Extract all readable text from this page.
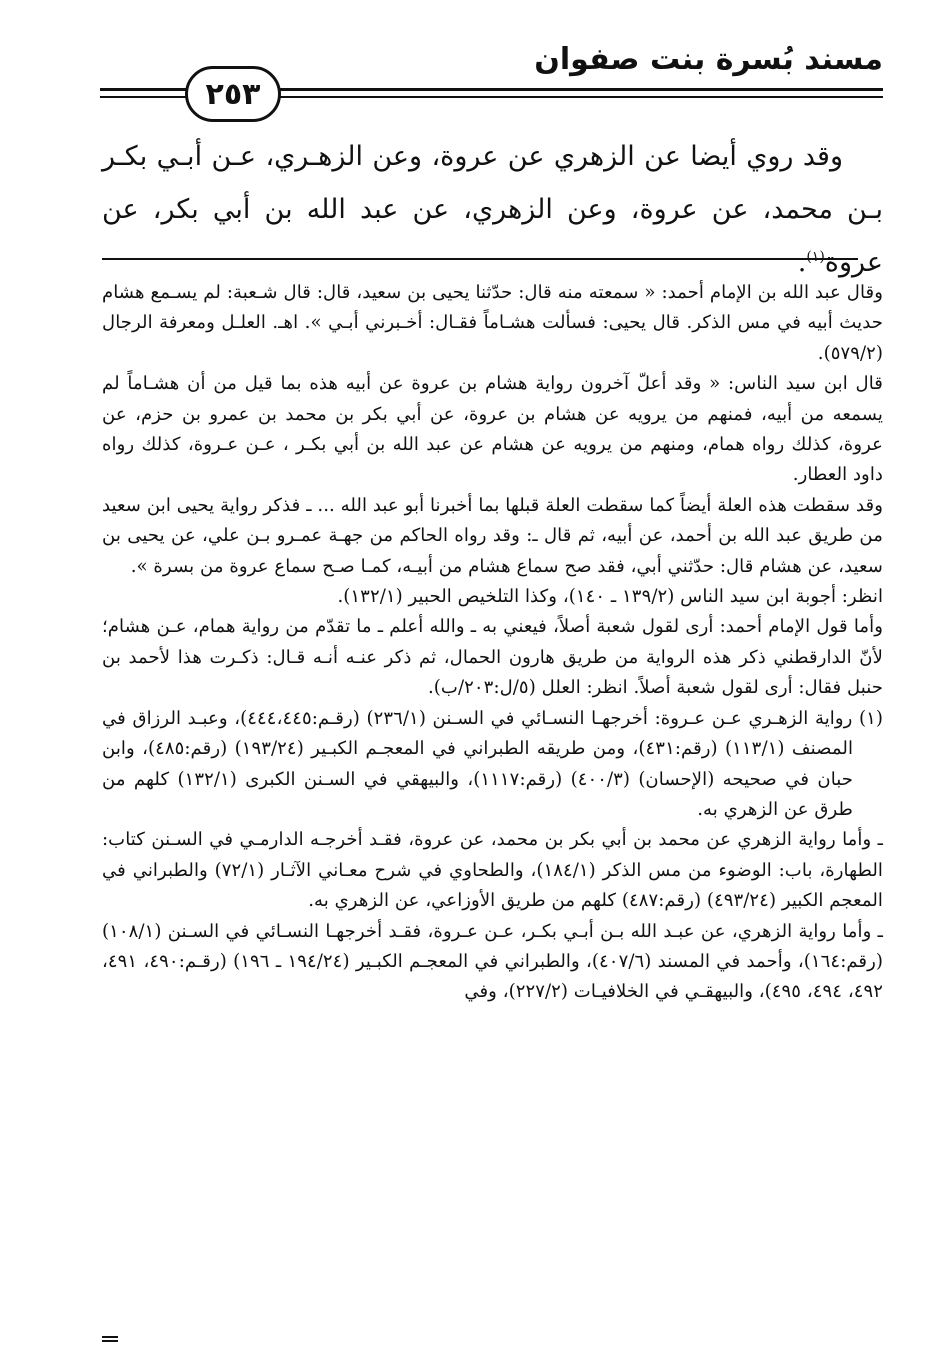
مسند بُسرة بنت صفوان
٢٥٣

وقد روي أيضا عن الزهري عن عروة، وعن الزهـري، عـن أبـي بكـر بـن محمد، عن عروة، وعن الزهري، عن عبد الله بن أبي بكر، عن عروة$^{(١)}$.

وقال عبد الله بن الإمام أحمد: « سمعته منه قال: حدّثنا يحيى بن سعيد، قال: قال شـعبة: لم يسـمع هشام حديث أبيه في مس الذكر. قال يحيى: فسألت هشـاماً فقـال: أخـبرني أبـي ». اهـ. العلـل ومعرفة الرجال (٥٧٩/٢).

قال ابن سيد الناس: « وقد أعلّ آخرون رواية هشام بن عروة عن أبيه هذه بما قيل من أن هشـاماً لم يسمعه من أبيه، فمنهم من يرويه عن هشام بن عروة، عن أبي بكر بن محمد بن عمرو بن حزم، عن عروة، كذلك رواه همام، ومنهم من يرويه عن هشام عن عبد الله بن أبي بكـر ، عـن عـروة، كذلك رواه داود العطار.

وقد سقطت هذه العلة أيضاً كما سقطت العلة قبلها بما أخبرنا أبو عبد الله ... ـ فذكر رواية يحيى ابن سعيد من طريق عبد الله بن أحمد، عن أبيه، ثم قال ـ: وقد رواه الحاكم من جهـة عمـرو بـن علي، عن يحيى بن سعيد، عن هشام قال: حدّثني أبي، فقد صح سماع هشام من أبيـه، كمـا صـح سماع عروة من بسرة ».

انظر: أجوبة ابن سيد الناس (١٣٩/٢ ـ ١٤٠)، وكذا التلخيص الحبير (١٣٢/١).

وأما قول الإمام أحمد: أرى لقول شعبة أصلاً، فيعني به ـ والله أعلم ـ ما تقدّم من رواية همام، عـن هشام؛ لأنّ الدارقطني ذكر هذه الرواية من طريق هارون الحمال، ثم ذكر عنـه أنـه قـال: ذكـرت هذا لأحمد بن حنبل فقال: أرى لقول شعبة أصلاً. انظر: العلل (٥/ل:٢٠٣/ب).

(١) رواية الزهـري عـن عـروة: أخرجهـا النسـائي في السـنن (٢٣٦/١) (رقـم:٤٤٤،٤٤٥)، وعبـد الرزاق في المصنف (١١٣/١) (رقم:٤٣١)، ومن طريقه الطبراني في المعجـم الكبـير (١٩٣/٢٤) (رقم:٤٨٥)، وابن حبان في صحيحه (الإحسان) (٤٠٠/٣) (رقم:١١١٧)، والبيهقي في السـنن الكبرى (١٣٢/١) كلهم من طرق عن الزهري به.

ـ وأما رواية الزهري عن محمد بن أبي بكر بن محمد، عن عروة، فقـد أخرجـه الدارمـي في السـنن كتاب: الطهارة، باب: الوضوء من مس الذكر (١٨٤/١)، والطحاوي في شرح معـاني الآثـار (٧٢/١) والطبراني في المعجم الكبير (٤٩٣/٢٤) (رقم:٤٨٧) كلهم من طريق الأوزاعي، عن الزهري به.

ـ وأما رواية الزهري، عن عبـد الله بـن أبـي بكـر، عـن عـروة، فقـد أخرجهـا النسـائي في السـنن (١٠٨/١) (رقم:١٦٤)، وأحمد في المسند (٤٠٧/٦)، والطبراني في المعجـم الكبـير (١٩٤/٢٤ ـ ١٩٦) (رقـم:٤٩٠، ٤٩١، ٤٩٢، ٤٩٤، ٤٩٥)، والبيهقـي في الخلافيـات (٢٢٧/٢)، وفي
